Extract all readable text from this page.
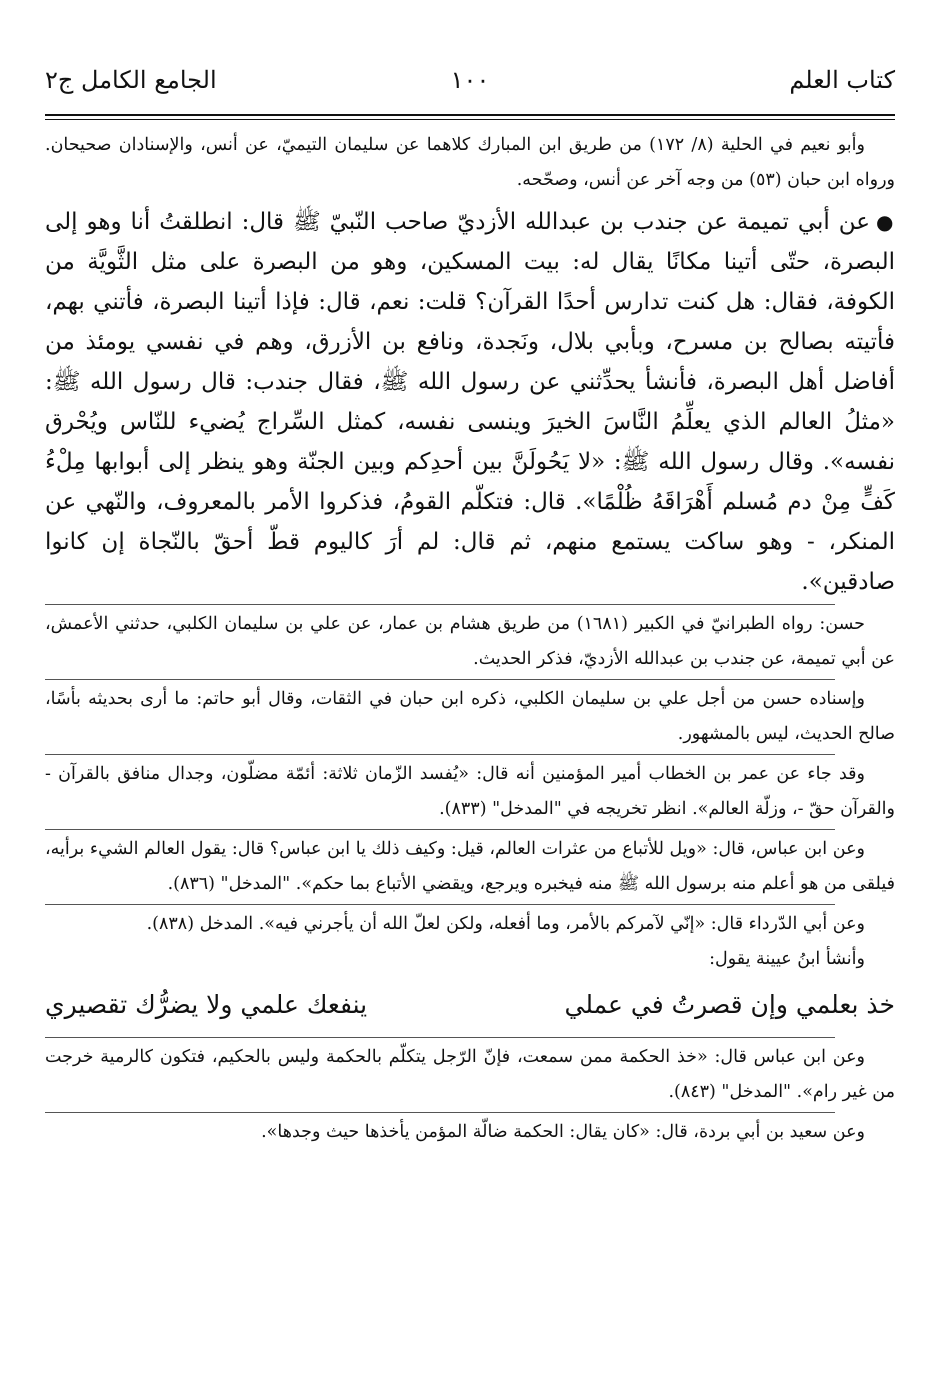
كتاب العلم
١٠٠
الجامع الكامل ج٢

وأبو نعيم في الحلية (٨/ ١٧٢) من طريق ابن المبارك كلاهما عن سليمان التيميّ، عن أنس، والإسنادان صحيحان. ورواه ابن حبان (٥٣) من وجه آخر عن أنس، وصحّحه.

●عن أبي تميمة عن جندب بن عبدالله الأزديّ صاحب النّبيّ ﷺ قال: انطلقتُ أنا وهو إلى البصرة، حتّى أتينا مكانًا يقال له: بيت المسكين، وهو من البصرة على مثل الثَّويَّة من الكوفة، فقال: هل كنت تدارس أحدًا القرآن؟ قلت: نعم، قال: فإذا أتينا البصرة، فأتني بهم، فأتيته بصالح بن مسرح، وبأبي بلال، ونَجدة، ونافع بن الأزرق، وهم في نفسي يومئذ من أفاضل أهل البصرة، فأنشأ يحدِّثني عن رسول الله ﷺ، فقال جندب: قال رسول الله ﷺ: «مثلُ العالم الذي يعلِّمُ النَّاسَ الخيرَ وينسى نفسه، كمثل السِّراج يُضيء للنّاس ويُحْرق نفسه». وقال رسول الله ﷺ: «لا يَحُولَنَّ بين أحدِكم وبين الجنّة وهو ينظر إلى أبوابها مِلْءُ كَفٍّ مِنْ دم مُسلم أَهْرَاقَهُ ظُلْمًا». قال: فتكلّم القومُ، فذكروا الأمر بالمعروف، والنّهي عن المنكر، - وهو ساكت يستمع منهم، ثم قال: لم أرَ كاليوم قطّ أحقّ بالنّجاة إن كانوا صادقين».

حسن: رواه الطبرانيّ في الكبير (١٦٨١) من طريق هشام بن عمار، عن علي بن سليمان الكلبي، حدثني الأعمش، عن أبي تميمة، عن جندب بن عبدالله الأزديّ، فذكر الحديث.

وإسناده حسن من أجل علي بن سليمان الكلبي، ذكره ابن حبان في الثقات، وقال أبو حاتم: ما أرى بحديثه بأسًا، صالح الحديث، ليس بالمشهور.

وقد جاء عن عمر بن الخطاب أمير المؤمنين أنه قال: «يُفسد الزّمان ثلاثة: أئمّة مضلّون، وجدال منافق بالقرآن - والقرآن حقّ -، وزلّة العالم». انظر تخريجه في "المدخل" (٨٣٣).

وعن ابن عباس، قال: «ويل للأتباع من عثرات العالم، قيل: وكيف ذلك يا ابن عباس؟ قال: يقول العالم الشيء برأيه، فيلقى من هو أعلم منه برسول الله ﷺ منه فيخبره ويرجع، ويقضي الأتباع بما حكم». "المدخل" (٨٣٦).

وعن أبي الدّرداء قال: «إنّي لآمركم بالأمر، وما أفعله، ولكن لعلّ الله أن يأجرني فيه». المدخل (٨٣٨).

وأنشأ ابنُ عيينة يقول:

خذ بعلمي وإن قصرتُ في عملي
ينفعك علمي ولا يضرُّك تقصيري

وعن ابن عباس قال: «خذ الحكمة ممن سمعت، فإنّ الرّجل يتكلّم بالحكمة وليس بالحكيم، فتكون كالرمية خرجت من غير رام». "المدخل" (٨٤٣).

وعن سعيد بن أبي بردة، قال: «كان يقال: الحكمة ضالّة المؤمن يأخذها حيث وجدها».
